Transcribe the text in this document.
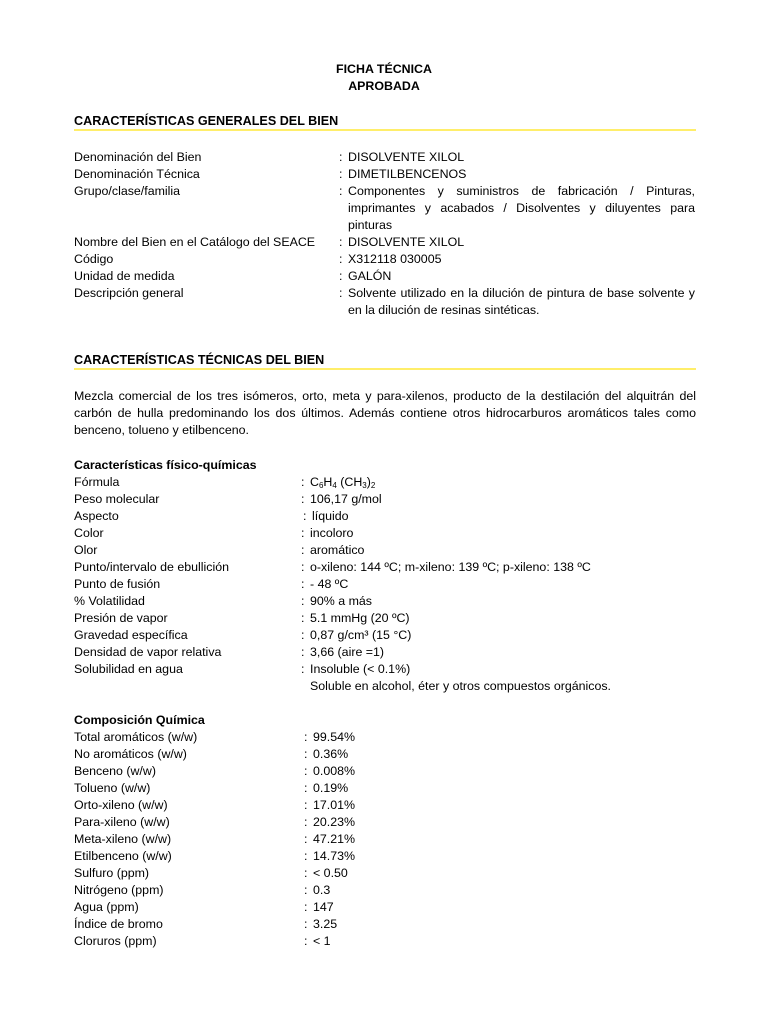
FICHA TÉCNICA
APROBADA
CARACTERÍSTICAS GENERALES DEL BIEN
Denominación del Bien	: DISOLVENTE XILOL
Denominación Técnica	: DIMETILBENCENOS
Grupo/clase/familia	: Componentes y suministros de fabricación / Pinturas, imprimantes y acabados / Disolventes y diluyentes para pinturas
Nombre del Bien en el Catálogo del SEACE : DISOLVENTE XILOL
Código	: X312118 030005
Unidad de medida	: GALÓN
Descripción general	: Solvente utilizado en la dilución de pintura de base solvente y en la dilución de resinas sintéticas.
CARACTERÍSTICAS TÉCNICAS DEL BIEN
Mezcla comercial de los tres isómeros, orto, meta y para-xilenos, producto de la destilación del alquitrán del carbón de hulla predominando los dos últimos. Además contiene otros hidrocarburos aromáticos tales como benceno, tolueno y etilbenceno.
Características físico-químicas
Fórmula	: $C_6H_4$ $(CH_3)_2$
Peso molecular	: 106,17 g/mol
Aspecto	: líquido
Color	: incoloro
Olor	: aromático
Punto/intervalo de ebullición	: o-xileno: 144 ºC; m-xileno: 139 ºC; p-xileno: 138 ºC
Punto de fusión	: - 48 ºC
% Volatilidad	: 90% a más
Presión de vapor	: 5.1 mmHg (20 ºC)
Gravedad específica	: 0,87 g/cm³ (15 °C)
Densidad de vapor relativa	: 3,66 (aire =1)
Solubilidad en agua	: Insoluble (< 0.1%)
Soluble en alcohol, éter y otros compuestos orgánicos.
Composición Química
Total aromáticos (w/w)	: 99.54%
No aromáticos (w/w)	: 0.36%
Benceno (w/w)	: 0.008%
Tolueno (w/w)	: 0.19%
Orto-xileno (w/w)	: 17.01%
Para-xileno (w/w)	: 20.23%
Meta-xileno (w/w)	: 47.21%
Etilbenceno (w/w)	: 14.73%
Sulfuro (ppm)	: < 0.50
Nitrógeno (ppm)	: 0.3
Agua (ppm)	: 147
Índice de bromo	: 3.25
Cloruros (ppm)	: < 1
